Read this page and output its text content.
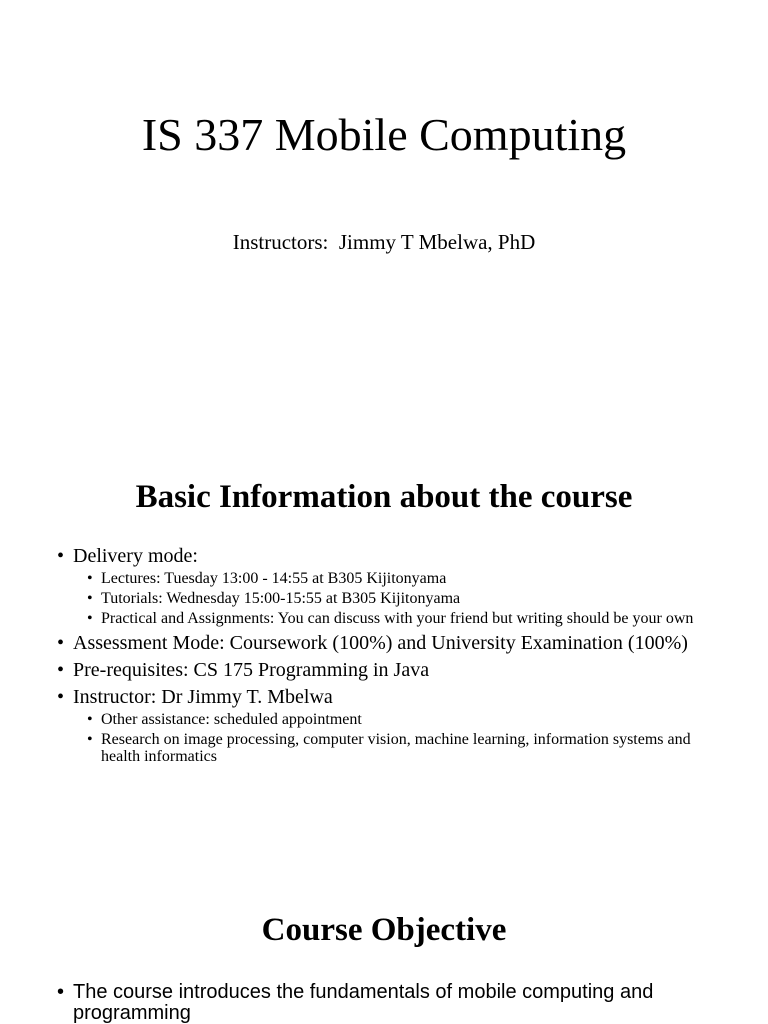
IS 337 Mobile Computing
Instructors:  Jimmy T Mbelwa, PhD
Basic Information about the course
• Delivery mode:
• Lectures: Tuesday 13:00 - 14:55 at B305 Kijitonyama
• Tutorials: Wednesday 15:00-15:55 at B305 Kijitonyama
• Practical and Assignments: You can discuss with your friend but writing should be your own
• Assessment Mode: Coursework (100%) and University Examination (100%)
• Pre-requisites: CS 175 Programming in Java
• Instructor: Dr Jimmy T. Mbelwa
• Other assistance: scheduled appointment
• Research on image processing, computer vision, machine learning, information systems and health informatics
Course Objective
• The course introduces the fundamentals of mobile computing and programming
